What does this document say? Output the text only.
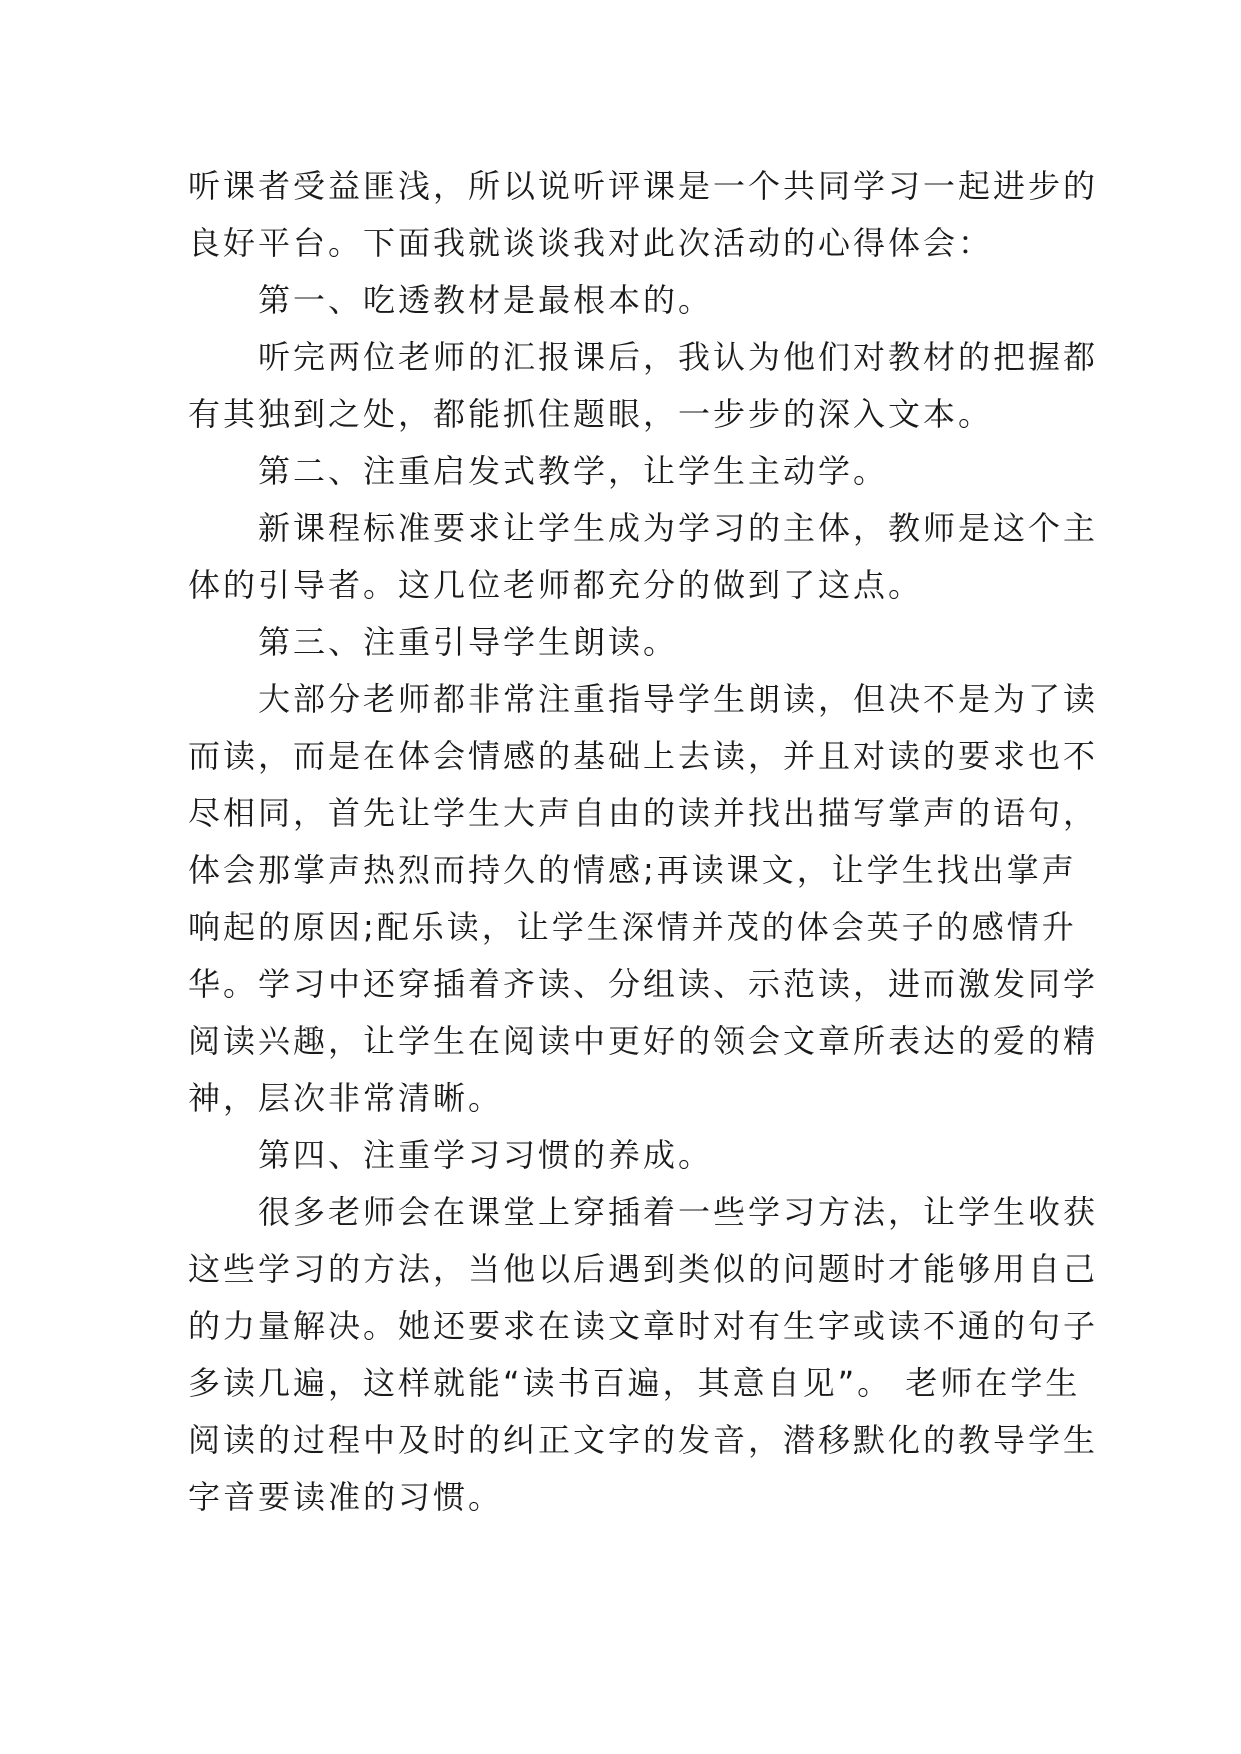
听课者受益匪浅，所以说听评课是一个共同学习一起进步的
良好平台。下面我就谈谈我对此次活动的心得体会：
第一、吃透教材是最根本的。
听完两位老师的汇报课后，我认为他们对教材的把握都
有其独到之处，都能抓住题眼，一步步的深入文本。
第二、注重启发式教学，让学生主动学。
新课程标准要求让学生成为学习的主体，教师是这个主
体的引导者。这几位老师都充分的做到了这点。
第三、注重引导学生朗读。
大部分老师都非常注重指导学生朗读，但决不是为了读
而读，而是在体会情感的基础上去读，并且对读的要求也不
尽相同，首先让学生大声自由的读并找出描写掌声的语句，
体会那掌声热烈而持久的情感;再读课文，让学生找出掌声
响起的原因;配乐读，让学生深情并茂的体会英子的感情升
华。学习中还穿插着齐读、分组读、示范读，进而激发同学
阅读兴趣，让学生在阅读中更好的领会文章所表达的爱的精
神，层次非常清晰。
第四、注重学习习惯的养成。
很多老师会在课堂上穿插着一些学习方法，让学生收获
这些学习的方法，当他以后遇到类似的问题时才能够用自己
的力量解决。她还要求在读文章时对有生字或读不通的句子
多读几遍，这样就能“读书百遍，其意自见”。 老师在学生
阅读的过程中及时的纠正文字的发音，潜移默化的教导学生
字音要读准的习惯。
